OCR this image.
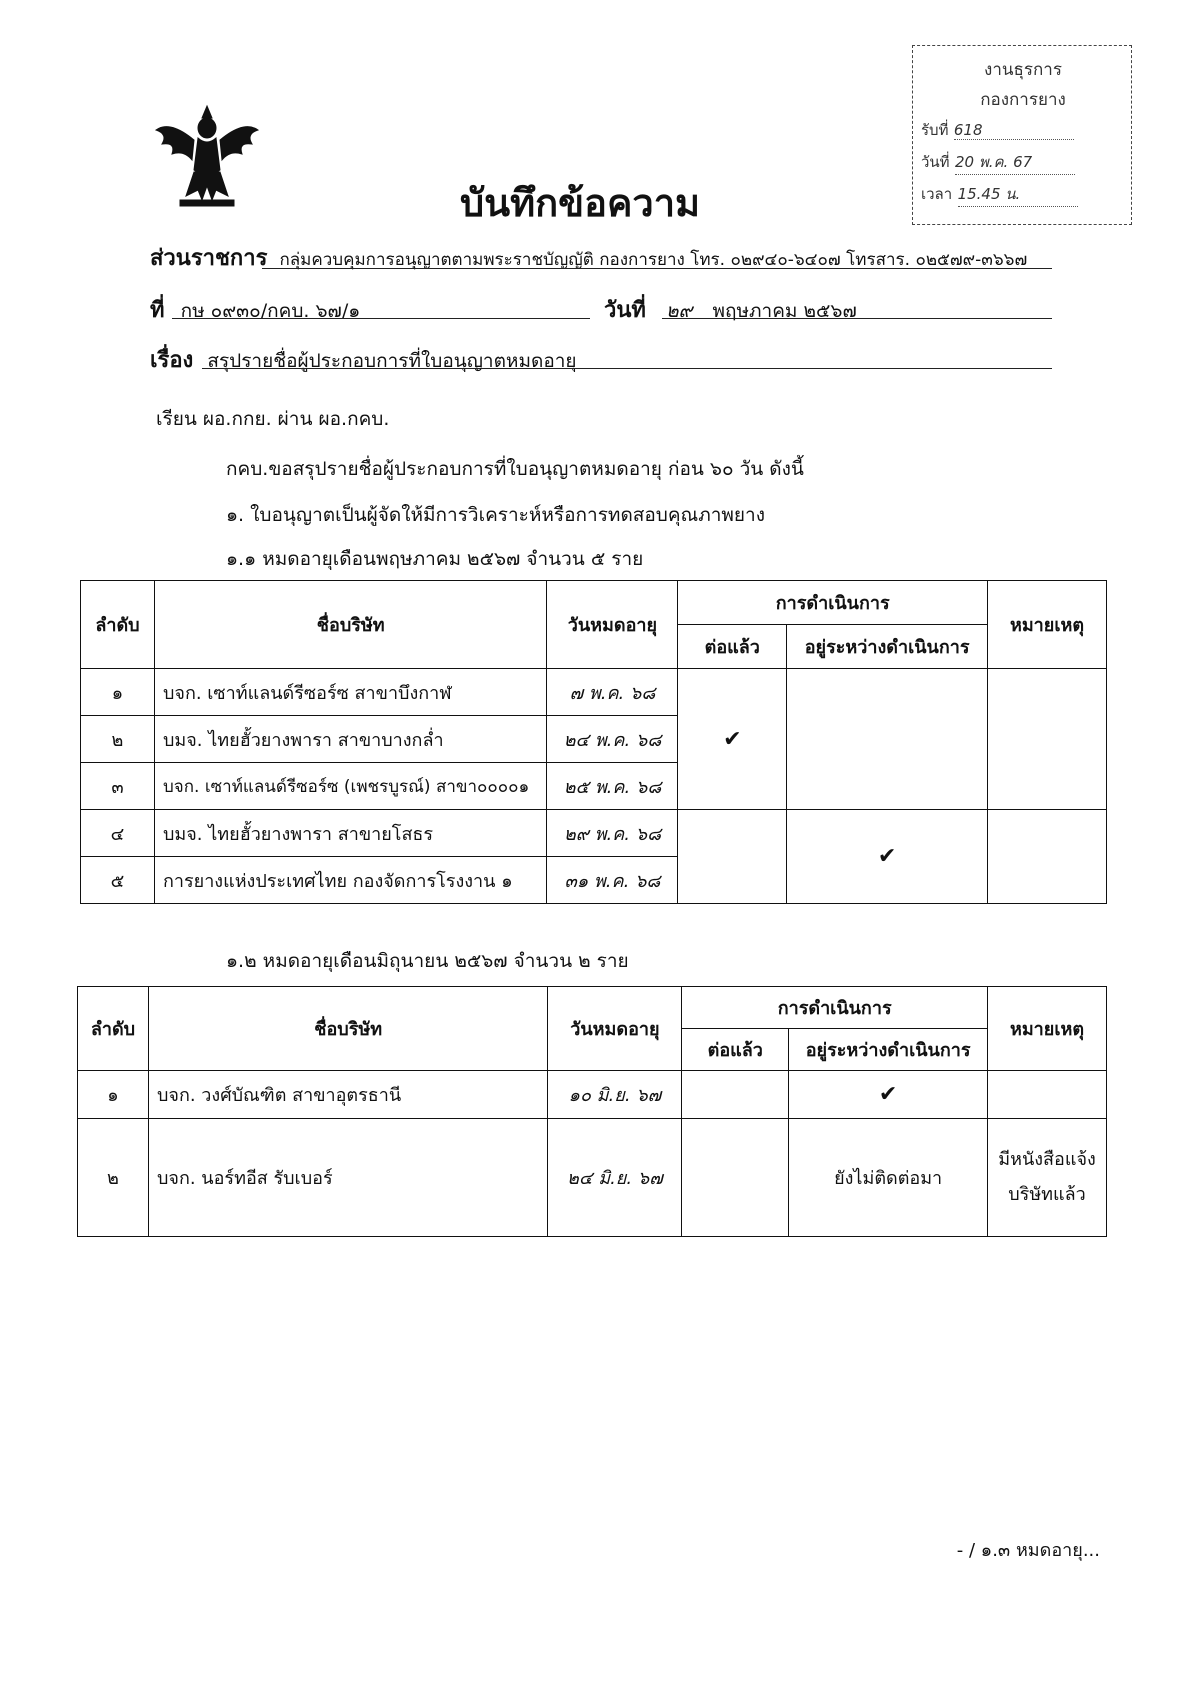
งานธุรการ
กองการยาง
รับที่ 618
วันที่ 20 พ.ค. 67
เวลา 15.45 น.
บันทึกข้อความ
ส่วนราชการ กลุ่มควบคุมการอนุญาตตามพระราชบัญญัติ กองการยาง โทร. ๐๒๙๔๐-๖๔๐๗ โทรสาร. ๐๒๕๗๙-๓๖๖๗
ที่ กษ ๐๙๓๐/กคบ. ๖๗/๑	วันที่ ๒๙ พฤษภาคม ๒๕๖๗
เรื่อง สรุปรายชื่อผู้ประกอบการที่ใบอนุญาตหมดอายุ
เรียน ผอ.กกย. ผ่าน ผอ.กคบ.
กคบ.ขอสรุปรายชื่อผู้ประกอบการที่ใบอนุญาตหมดอายุ ก่อน ๖๐ วัน ดังนี้
๑. ใบอนุญาตเป็นผู้จัดให้มีการวิเคราะห์หรือการทดสอบคุณภาพยาง
๑.๑ หมดอายุเดือนพฤษภาคม ๒๕๖๗ จำนวน ๕ ราย
ลำดับ	ชื่อบริษัท	วันหมดอายุ	การดำเนินการ		หมายเหตุ
			ต่อแล้ว	อยู่ระหว่างดำเนินการ	
๑	บจก. เซาท์แลนด์รีซอร์ซ สาขาบึงกาฬ	๗ พ.ค. ๖๘	✔		
๒	บมจ. ไทยฮั้วยางพารา สาขาบางกล่ำ	๒๔ พ.ค. ๖๘			
๓	บจก. เซาท์แลนด์รีซอร์ซ (เพชรบูรณ์) สาขา๐๐๐๐๑	๒๕ พ.ค. ๖๘			
๔	บมจ. ไทยฮั้วยางพารา สาขายโสธร	๒๙ พ.ค. ๖๘		✔	
๕	การยางแห่งประเทศไทย กองจัดการโรงงาน ๑	๓๑ พ.ค. ๖๘			
๑.๒ หมดอายุเดือนมิถุนายน ๒๕๖๗ จำนวน ๒ ราย
ลำดับ	ชื่อบริษัท	วันหมดอายุ	การดำเนินการ		หมายเหตุ
			ต่อแล้ว	อยู่ระหว่างดำเนินการ	
๑	บจก. วงศ์บัณฑิต สาขาอุตรธานี	๑๐ มิ.ย. ๖๗		✔	
๒	บจก. นอร์ทอีส รับเบอร์	๒๔ มิ.ย. ๖๗		ยังไม่ติดต่อมา	มีหนังสือแจ้งบริษัทแล้ว
- / ๑.๓ หมดอายุ...
